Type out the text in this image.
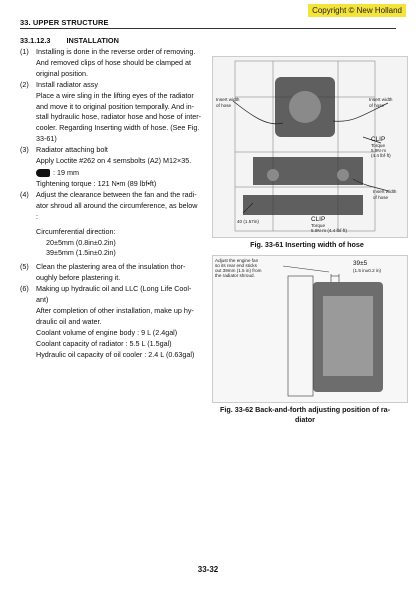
Copyright © New Holland
33. UPPER STRUCTURE
33.1.12.3 INSTALLATION
(1) Installing is done in the reverse order of removing.
And removed clips of hose should be clamped at
original position.
(2) Install radiator assy
Place a wire sling in the lifting eyes of the radiator
and move it to original position temporally. And in-
stall hydraulic hose, radiator hose and hose of inter-
cooler. Regarding Inserting width of hose. (See Fig.
33-61)
(3) Radiator attaching bolt
Apply Loctite #262 on 4 semsbolts (A2) M12×35.
: 19 mm
Tightening torque : 121 N•m (89 lbf•ft)
(4) Adjust the clearance between the fan and the radi-
ator shroud all around the circumference, as below
:
Circumferential direction:
20±5mm (0.8in±0.2in)
39±5mm (1.5in±0.2in)
(5) Clean the plastering area of the insulation thor-
oughly before plastering it.
(6) Making up hydraulic oil and LLC (Long Life Cool-
ant)
After completion of other installation, make up hy-
draulic oil and water.
Coolant volume of engine body : 9 L (2.4gal)
Coolant capacity of radiator : 5.5 L (1.5gal)
Hydraulic oil capacity of oil cooler : 2.4 L (0.63gal)
Insert width
of hose
Insert width
of hose
CLIP
Torque
5.9N·m
(4.4 lbf·ft)
Insert width
of hose
40 (1.57in)	CLIP
Torque
5.9N·m (4.4 lbf·ft)
Fig. 33-61 Inserting width of hose
Adjust the engine fan
so its rear end sticks
out 39mm (1.5 in) from
the radiator shroud.
39±5
(1.5 in±0.2 in)
Fig. 33-62 Back-and-forth adjusting position of ra-
diator
33-32
